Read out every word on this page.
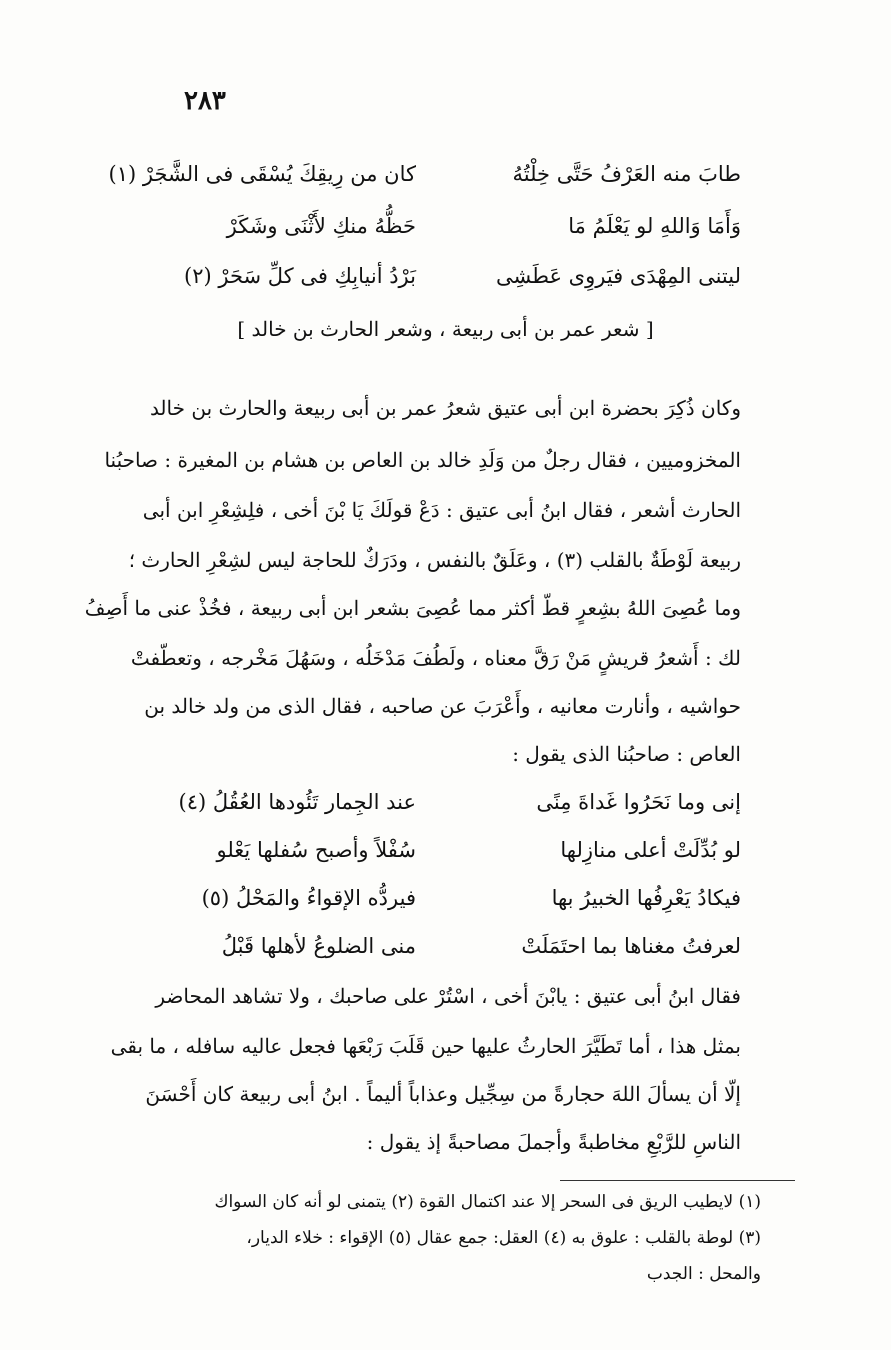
٢٨٣
طابَ منه العَرْفُ حَتَّى خِلْتُهُ
كان من رِيقِكَ يُسْقَى فى الشَّجَرْ (١)
وَأَمَا وَاللهِ لو يَعْلَمُ مَا
حَظُّهُ منكِ لأَثْنَى وشَكَرْ
ليتنى المِهْدَى فيَروِى عَطَشِى
بَرْدُ أنيابِكِ فى كلِّ سَحَرْ (٢)
[ شعر عمر بن أبى ربيعة ، وشعر الحارث بن خالد ]
وكان ذُكِرَ بحضرة ابن أبى عتيق شعرُ عمر بن أبى ربيعة والحارث بن خالد
المخزوميين ، فقال رجلٌ من وَلَدِ خالد بن العاص بن هشام بن المغيرة : صاحبُنا
الحارث أشعر ، فقال ابنُ أبى عتيق : دَعْ قولَكَ يَا بْنَ أخى ، فلِشِعْرِ ابن أبى
ربيعة لَوْطَةٌ بالقلب (٣) ، وعَلَقٌ بالنفس ، ودَرَكٌ للحاجة ليس لشِعْرِ الحارث ؛
وما عُصِىَ اللهُ بشِعرٍ قطّ أكثر مما عُصِىَ بشعر ابن أبى ربيعة ، فخُذْ عنى ما أَصِفُ
لك : أَشعرُ قريشٍ مَنْ رَقَّ معناه ، ولَطُفَ مَدْخَلُه ، وسَهُلَ مَخْرجه ، وتعطّفتْ
حواشيه ، وأنارت معانيه ، وأَعْرَبَ عن صاحبه ، فقال الذى من ولد خالد بن
العاص : صاحبُنا الذى يقول :
إنى وما نَحَرُوا غَداةَ مِنًى
عند الجِمار تَئُودها العُقُلُ (٤)
لو بُدِّلَتْ أعلى منازِلها
سُفْلاً وأصبح سُفلها يَعْلو
فيكادُ يَعْرِفُها الخبيرُ بها
فيردُّه الإقواءُ والمَحْلُ (٥)
لعرفتُ مغناها بما احتَمَلَتْ
منى الضلوعُ لأهلها قَبْلُ
فقال ابنُ أبى عتيق : يابْنَ أخى ، اسْتُرْ على صاحبك ، ولا تشاهد المحاضر
بمثل هذا ، أما تَطَيَّرَ الحارثُ عليها حين قَلَبَ رَبْعَها فجعل عاليه سافله ، ما بقى
إلّا أن يسألَ اللهَ حجارةً من سِجِّيل وعذاباً أليماً . ابنُ أبى ربيعة كان أَحْسَنَ
الناسِ للرَّبْعِ مخاطبةً وأجملَ مصاحبةً إذ يقول :
(١) لايطيب الريق فى السحر إلا عند اكتمال القوة (٢) يتمنى لو أنه كان السواك
(٣) لوطة بالقلب : علوق به (٤) العقل: جمع عقال (٥) الإقواء : خلاء الديار،
والمحل : الجدب
